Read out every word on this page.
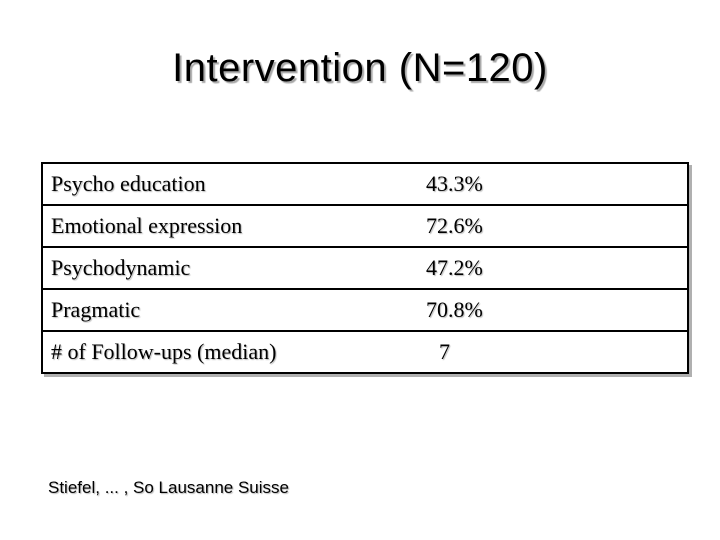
Intervention (N=120)
Psycho education	43.3%
Emotional expression	72.6%
Psychodynamic	47.2%
Pragmatic	70.8%
# of Follow-ups (median)	7
Stiefel, ... , So Lausanne Suisse
